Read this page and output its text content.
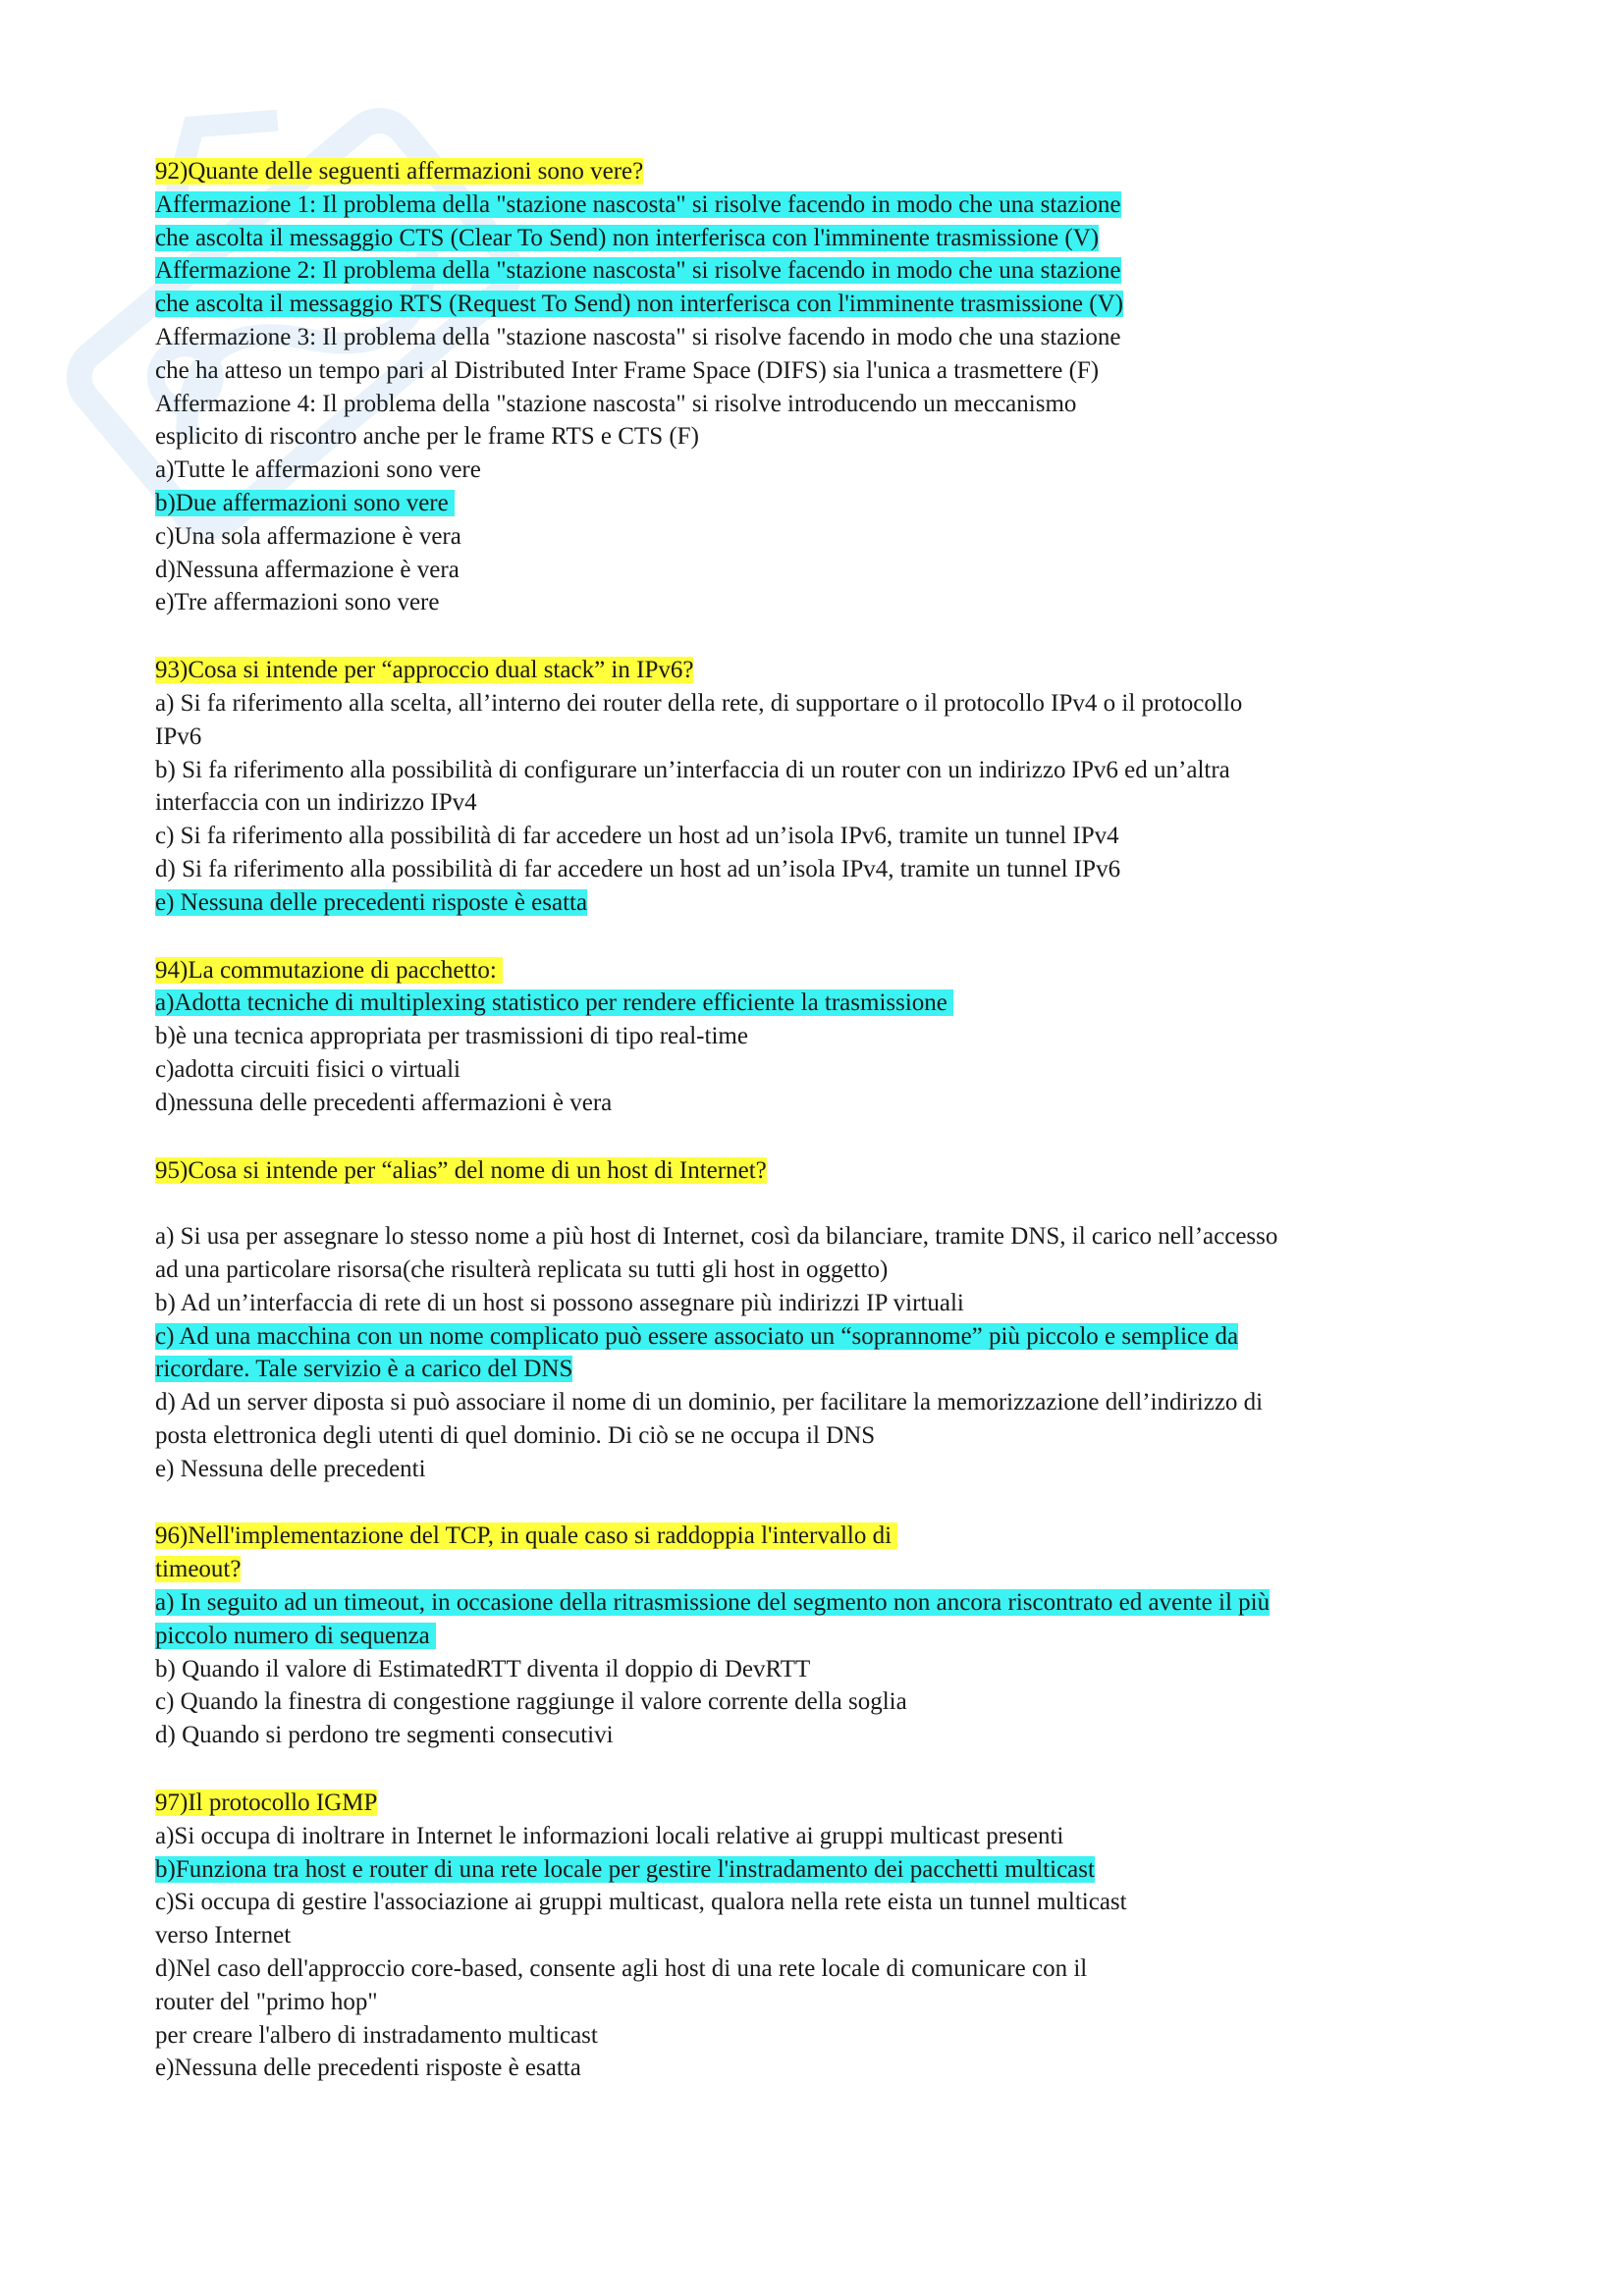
92)Quante delle seguenti affermazioni sono vere?
Affermazione 1: Il problema della "stazione nascosta" si risolve facendo in modo che una stazione
che ascolta il messaggio CTS (Clear To Send) non interferisca con l'imminente trasmissione (V)
Affermazione 2: Il problema della "stazione nascosta" si risolve facendo in modo che una stazione
che ascolta il messaggio RTS (Request To Send) non interferisca con l'imminente trasmissione (V)
Affermazione 3: Il problema della "stazione nascosta" si risolve facendo in modo che una stazione
che ha atteso un tempo pari al Distributed Inter Frame Space (DIFS) sia l'unica a trasmettere (F)
Affermazione 4: Il problema della "stazione nascosta" si risolve introducendo un meccanismo
esplicito di riscontro anche per le frame RTS e CTS (F)
a)Tutte le affermazioni sono vere
b)Due affermazioni sono vere
c)Una sola affermazione è vera
d)Nessuna affermazione è vera
e)Tre affermazioni sono vere
93)Cosa si intende per “approccio dual stack” in IPv6?
a) Si fa riferimento alla scelta, all’interno dei router della rete, di supportare o il protocollo IPv4 o il protocollo
IPv6
b) Si fa riferimento alla possibilità di configurare un’interfaccia di un router con un indirizzo IPv6 ed un’altra
interfaccia con un indirizzo IPv4
c) Si fa riferimento alla possibilità di far accedere un host ad un’isola IPv6, tramite un tunnel IPv4
d) Si fa riferimento alla possibilità di far accedere un host ad un’isola IPv4, tramite un tunnel IPv6
e) Nessuna delle precedenti risposte è esatta
94)La commutazione di pacchetto:
a)Adotta tecniche di multiplexing statistico per rendere efficiente la trasmissione
b)è una tecnica appropriata per trasmissioni di tipo real-time
c)adotta circuiti fisici o virtuali
d)nessuna delle precedenti affermazioni è vera
95)Cosa si intende per “alias” del nome di un host di Internet?
a) Si usa per assegnare lo stesso nome a più host di Internet, così da bilanciare, tramite DNS, il carico nell’accesso
ad una particolare risorsa(che risulterà replicata su tutti gli host in oggetto)
b) Ad un’interfaccia di rete di un host si possono assegnare più indirizzi IP virtuali
c) Ad una macchina con un nome complicato può essere associato un “soprannome” più piccolo e semplice da
ricordare. Tale servizio è a carico del DNS
d) Ad un server diposta si può associare il nome di un dominio, per facilitare la memorizzazione dell’indirizzo di
posta elettronica degli utenti di quel dominio. Di ciò se ne occupa il DNS
e) Nessuna delle precedenti
96)Nell'implementazione del TCP, in quale caso si raddoppia l'intervallo di
timeout?
a) In seguito ad un timeout, in occasione della ritrasmissione del segmento non ancora riscontrato ed avente il più
piccolo numero di sequenza
b) Quando il valore di EstimatedRTT diventa il doppio di DevRTT
c) Quando la finestra di congestione raggiunge il valore corrente della soglia
d) Quando si perdono tre segmenti consecutivi
97)Il protocollo IGMP
a)Si occupa di inoltrare in Internet le informazioni locali relative ai gruppi multicast presenti
b)Funziona tra host e router di una rete locale per gestire l'instradamento dei pacchetti multicast
c)Si occupa di gestire l'associazione ai gruppi multicast, qualora nella rete eista un tunnel multicast
verso Internet
d)Nel caso dell'approccio core-based, consente agli host di una rete locale di comunicare con il
router del "primo hop"
per creare l'albero di instradamento multicast
e)Nessuna delle precedenti risposte è esatta
